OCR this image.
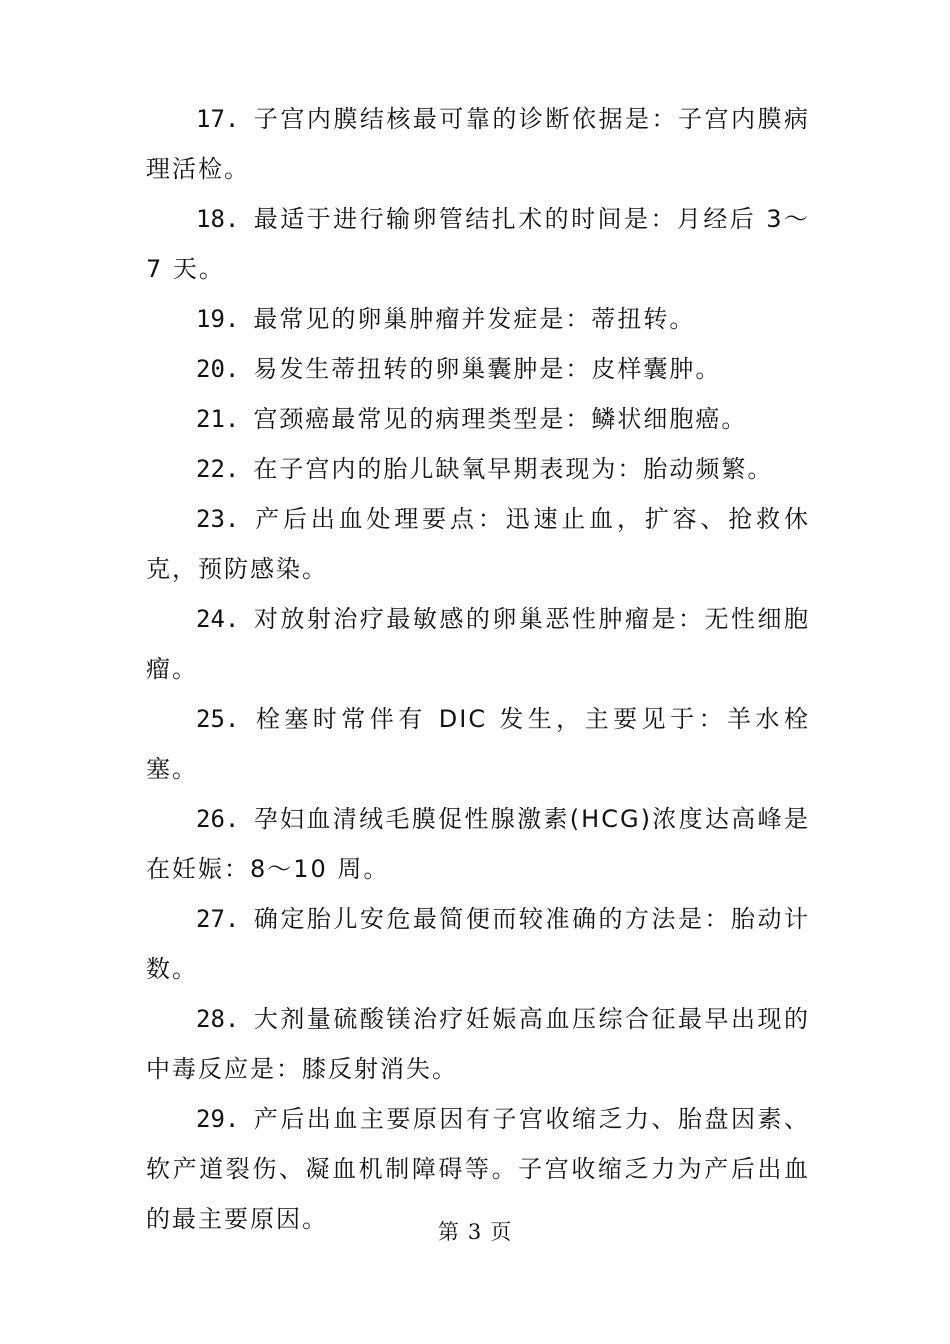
17. 子宫内膜结核最可靠的诊断依据是：子宫内膜病理活检。

18. 最适于进行输卵管结扎术的时间是：月经后 3～7 天。

19. 最常见的卵巢肿瘤并发症是：蒂扭转。

20. 易发生蒂扭转的卵巢囊肿是：皮样囊肿。

21. 宫颈癌最常见的病理类型是：鳞状细胞癌。

22. 在子宫内的胎儿缺氧早期表现为：胎动频繁。

23. 产后出血处理要点：迅速止血，扩容、抢救休克，预防感染。

24. 对放射治疗最敏感的卵巢恶性肿瘤是：无性细胞瘤。

25. 栓塞时常伴有 DIC 发生，主要见于：羊水栓塞。

26. 孕妇血清绒毛膜促性腺激素(HCG)浓度达高峰是在妊娠：8～10 周。

27. 确定胎儿安危最简便而较准确的方法是：胎动计数。

28. 大剂量硫酸镁治疗妊娠高血压综合征最早出现的中毒反应是：膝反射消失。

29. 产后出血主要原因有子宫收缩乏力、胎盘因素、软产道裂伤、凝血机制障碍等。子宫收缩乏力为产后出血的最主要原因。	第 3 页
